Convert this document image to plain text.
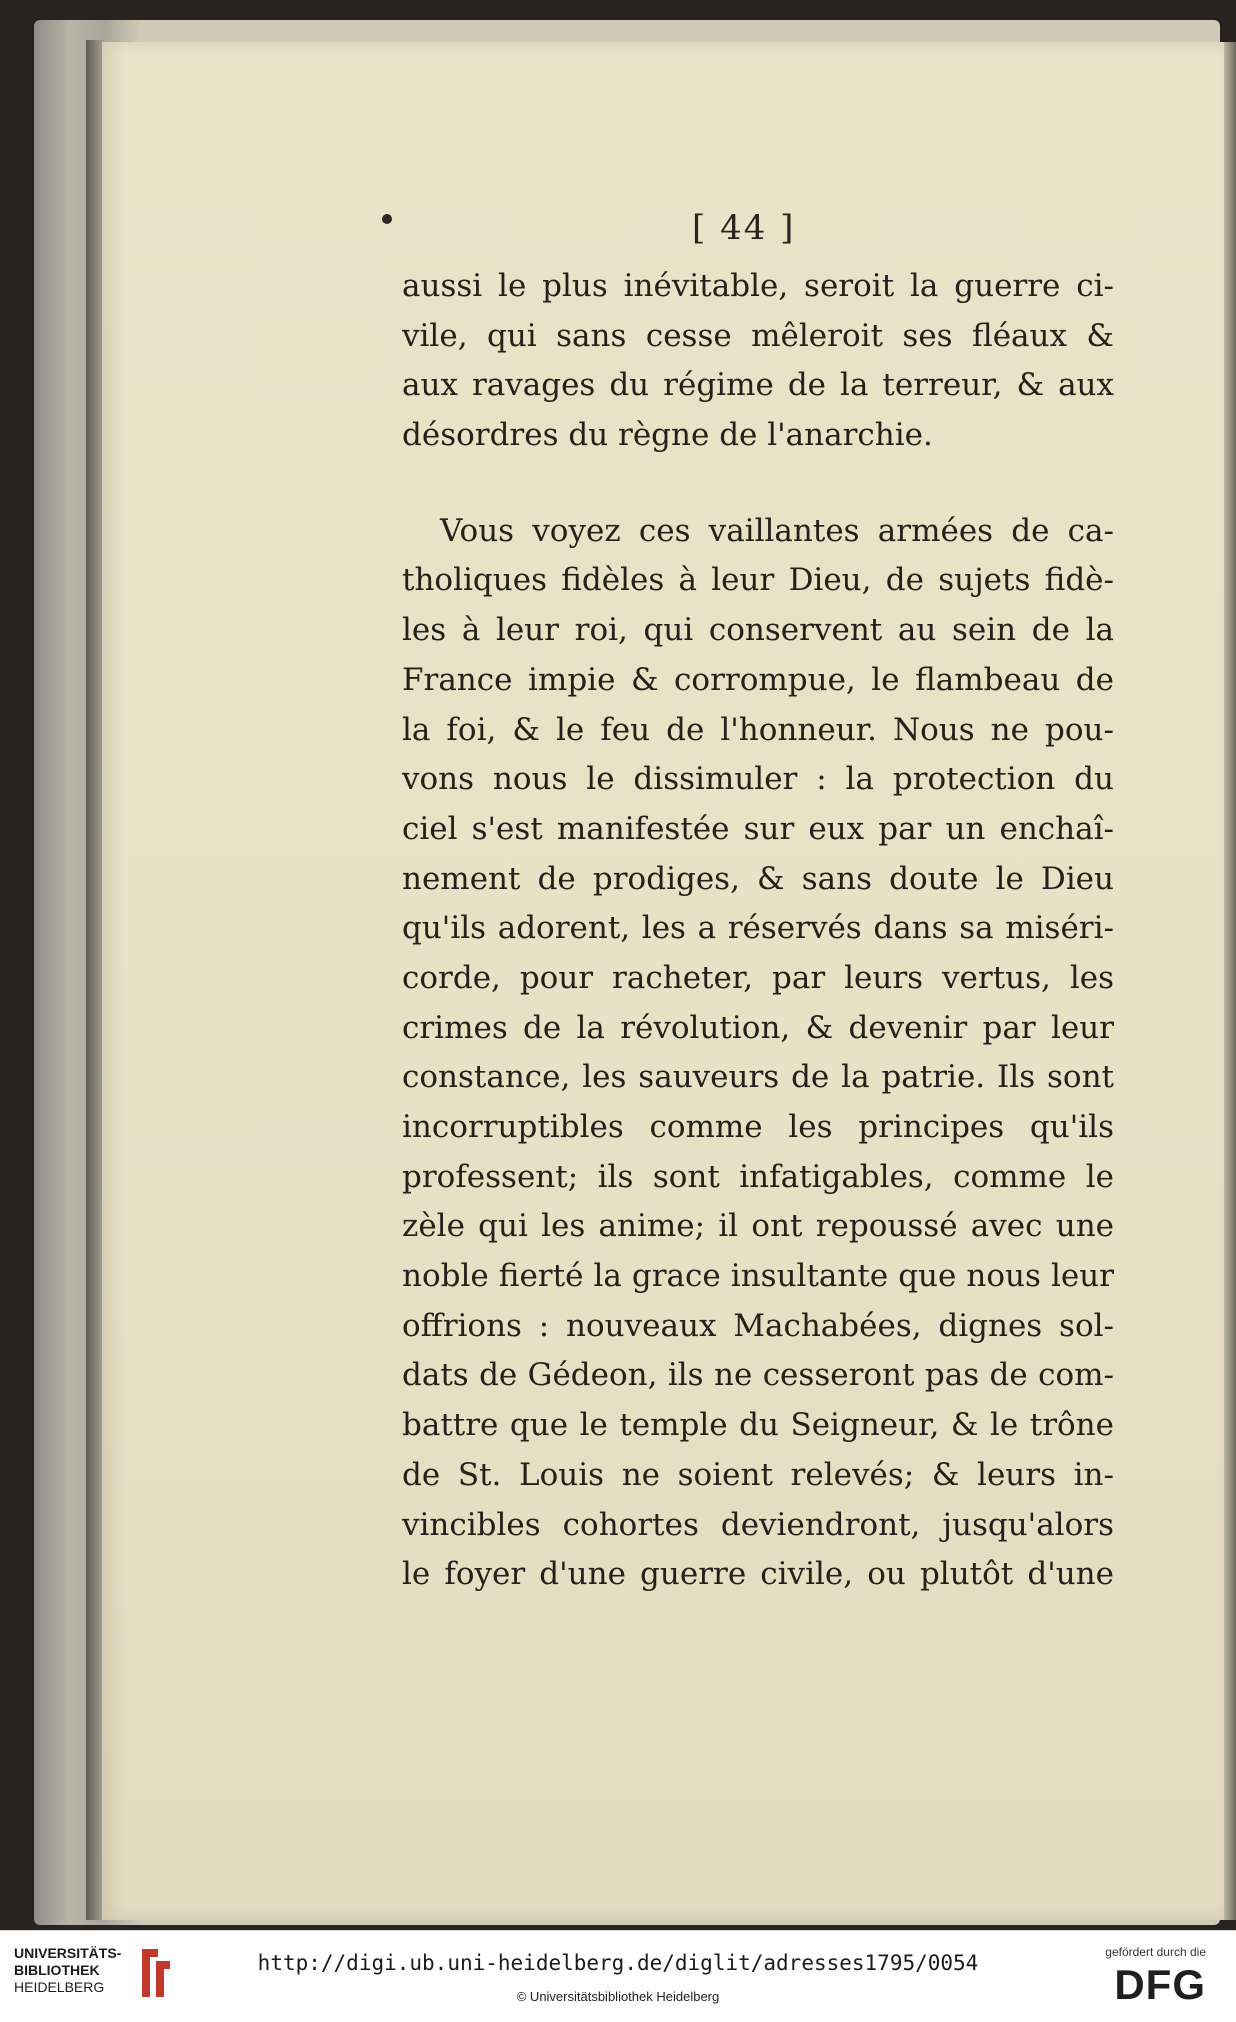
[ 44 ]
aussi le plus inévitable, seroit la guerre ci-
vile, qui sans cesse mêleroit ses fléaux &
aux ravages du régime de la terreur, & aux
désordres du règne de l'anarchie.
Vous voyez ces vaillantes armées de ca-
tholiques fidèles à leur Dieu, de sujets fidè-
les à leur roi, qui conservent au sein de la
France impie & corrompue, le flambeau de
la foi, & le feu de l'honneur. Nous ne pou-
vons nous le dissimuler : la protection du
ciel s'est manifestée sur eux par un enchaî-
nement de prodiges, & sans doute le Dieu
qu'ils adorent, les a réservés dans sa miséri-
corde, pour racheter, par leurs vertus, les
crimes de la révolution, & devenir par leur
constance, les sauveurs de la patrie. Ils sont
incorruptibles comme les principes qu'ils
professent; ils sont infatigables, comme le
zèle qui les anime; il ont repoussé avec une
noble fierté la grace insultante que nous leur
offrions : nouveaux Machabées, dignes sol-
dats de Gédeon, ils ne cesseront pas de com-
battre que le temple du Seigneur, & le trône
de St. Louis ne soient relevés; & leurs in-
vincibles cohortes deviendront, jusqu'alors
le foyer d'une guerre civile, ou plutôt d'une
UNIVERSITÄTS-
BIBLIOTHEK
HEIDELBERG
http://digi.ub.uni-heidelberg.de/diglit/adresses1795/0054
© Universitätsbibliothek Heidelberg
gefördert durch die
DFG
